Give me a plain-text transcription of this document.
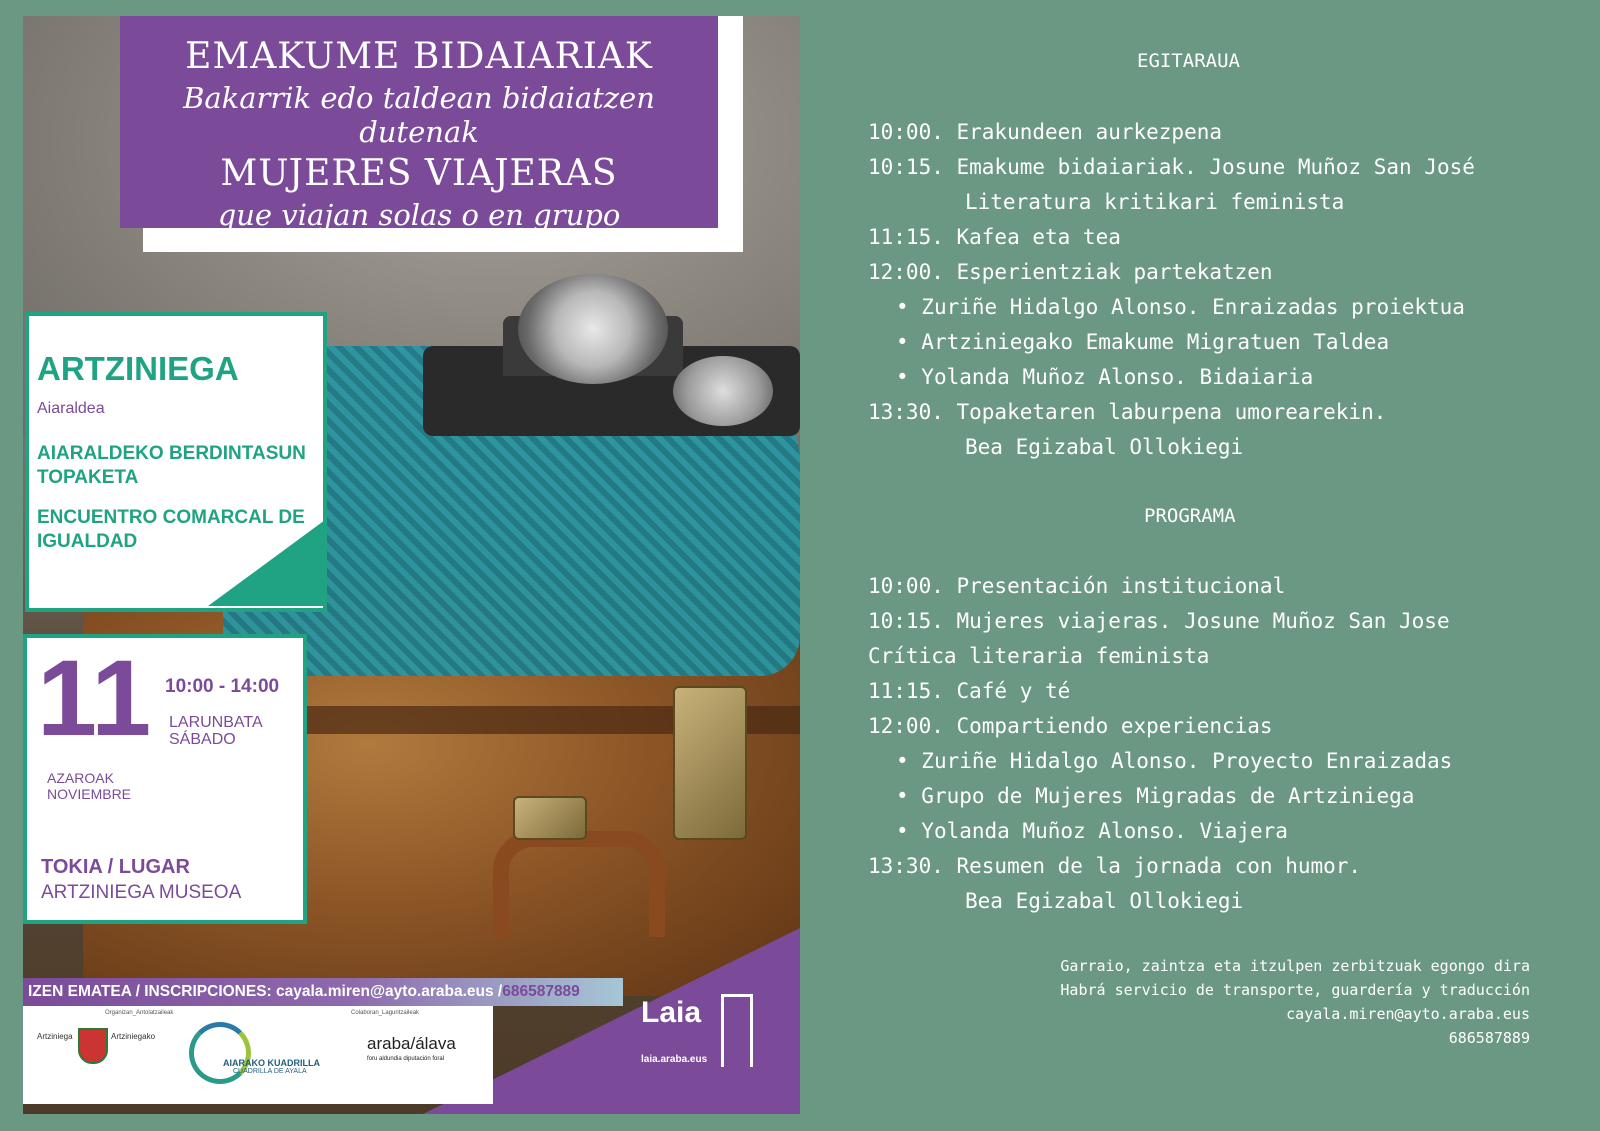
EMAKUME BIDAIARIAK
Bakarrik edo taldean bidaiatzen dutenak
MUJERES VIAJERAS
que viajan solas o en grupo
ARTZINIEGA
Aiaraldea
AIARALDEKO BERDINTASUN TOPAKETA
ENCUENTRO COMARCAL DE IGUALDAD
11 10:00 - 14:00
LARUNBATA
SÁBADO
AZAROAK
NOVIEMBRE
TOKIA / LUGAR
ARTZINIEGA MUSEOA
IZEN EMATEA / INSCRIPCIONES: cayala.miren@ayto.araba.eus /686587889
Organizan_Antolatzaileak	Colaboran_Laguntzaileak
Artziniega	Artziniegako
AIARAKO KUADRILLA
CUADRILLA DE AYALA
araba/álava
foru aldundia diputación foral
Laia
laia.araba.eus
EGITARAUA
10:00. Erakundeen aurkezpena
10:15. Emakume bidaiariak. Josune Muñoz San José
Literatura kritikari feminista
11:15. Kafea eta tea
12:00. Esperientziak partekatzen
• Zuriñe Hidalgo Alonso. Enraizadas proiektua
• Artziniegako Emakume Migratuen Taldea
• Yolanda Muñoz Alonso. Bidaiaria
13:30. Topaketaren laburpena umorearekin.
Bea Egizabal Ollokiegi
PROGRAMA
10:00. Presentación institucional
10:15. Mujeres viajeras. Josune Muñoz San Jose
Crítica literaria feminista
11:15. Café y té
12:00. Compartiendo experiencias
• Zuriñe Hidalgo Alonso. Proyecto Enraizadas
• Grupo de Mujeres Migradas de Artziniega
• Yolanda Muñoz Alonso. Viajera
13:30. Resumen de la jornada con humor.
Bea Egizabal Ollokiegi
Garraio, zaintza eta itzulpen zerbitzuak egongo dira
Habrá servicio de transporte, guardería y traducción
cayala.miren@ayto.araba.eus
686587889
